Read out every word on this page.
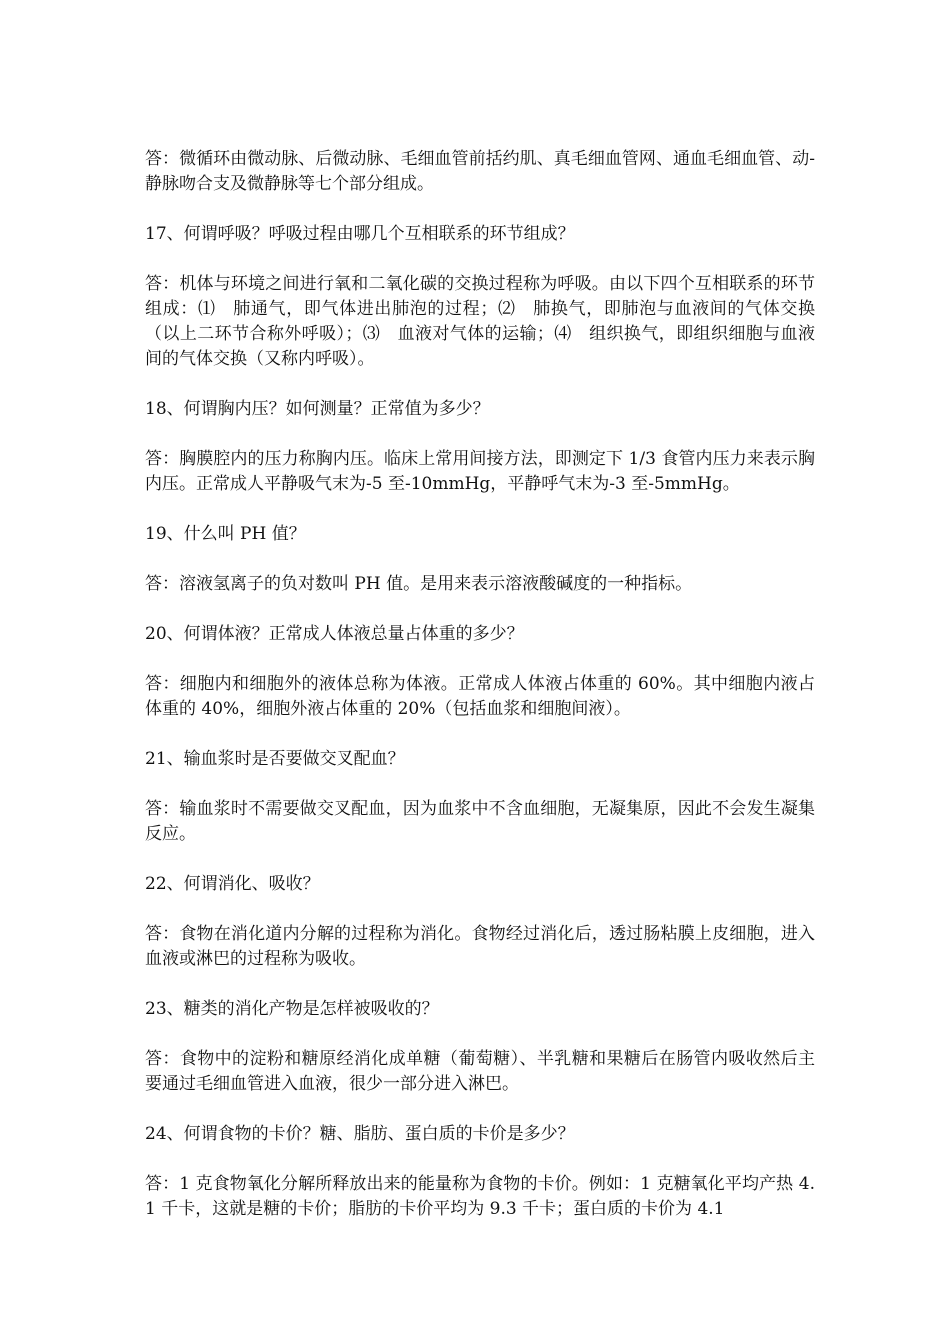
答：微循环由微动脉、后微动脉、毛细血管前括约肌、真毛细血管网、通血毛细血管、动-静脉吻合支及微静脉等七个部分组成。

17、何谓呼吸？呼吸过程由哪几个互相联系的环节组成？

答：机体与环境之间进行氧和二氧化碳的交换过程称为呼吸。由以下四个互相联系的环节组成：⑴　肺通气，即气体进出肺泡的过程；⑵　肺换气，即肺泡与血液间的气体交换（以上二环节合称外呼吸）；⑶　血液对气体的运输；⑷　组织换气，即组织细胞与血液间的气体交换（又称内呼吸）。

18、何谓胸内压？如何测量？正常值为多少？

答：胸膜腔内的压力称胸内压。临床上常用间接方法，即测定下 1/3 食管内压力来表示胸内压。正常成人平静吸气末为-5 至-10mmHg，平静呼气末为-3 至-5mmHg。

19、什么叫 PH 值？

答：溶液氢离子的负对数叫 PH 值。是用来表示溶液酸碱度的一种指标。

20、何谓体液？正常成人体液总量占体重的多少？

答：细胞内和细胞外的液体总称为体液。正常成人体液占体重的 60%。其中细胞内液占体重的 40%，细胞外液占体重的 20%（包括血浆和细胞间液）。

21、输血浆时是否要做交叉配血？

答：输血浆时不需要做交叉配血，因为血浆中不含血细胞，无凝集原，因此不会发生凝集反应。

22、何谓消化、吸收？

答：食物在消化道内分解的过程称为消化。食物经过消化后，透过肠粘膜上皮细胞，进入血液或淋巴的过程称为吸收。

23、糖类的消化产物是怎样被吸收的？

答：食物中的淀粉和糖原经消化成单糖（葡萄糖）、半乳糖和果糖后在肠管内吸收然后主要通过毛细血管进入血液，很少一部分进入淋巴。

24、何谓食物的卡价？糖、脂肪、蛋白质的卡价是多少？

答：1 克食物氧化分解所释放出来的能量称为食物的卡价。例如：1 克糖氧化平均产热 4.1 千卡，这就是糖的卡价；脂肪的卡价平均为 9.3 千卡；蛋白质的卡价为 4.1
